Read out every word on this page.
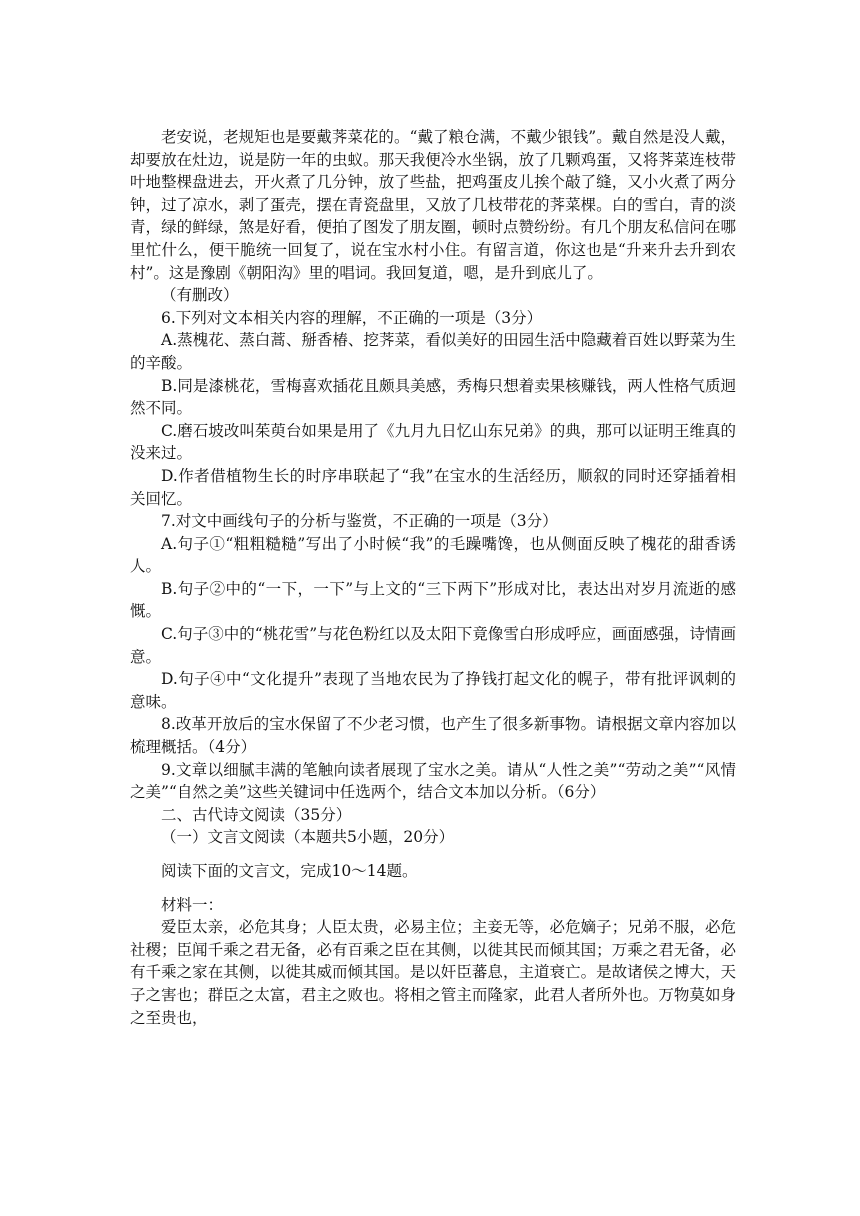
老安说，老规矩也是要戴荠菜花的。“戴了粮仓满，不戴少银钱”。戴自然是没人戴，却要放在灶边，说是防一年的虫蚁。那天我便冷水坐锅，放了几颗鸡蛋，又将荠菜连枝带叶地整棵盘进去，开火煮了几分钟，放了些盐，把鸡蛋皮儿挨个敲了缝，又小火煮了两分钟，过了凉水，剥了蛋壳，摆在青瓷盘里，又放了几枝带花的荠菜棵。白的雪白，青的淡青，绿的鲜绿，煞是好看，便拍了图发了朋友圈，顿时点赞纷纷。有几个朋友私信问在哪里忙什么，便干脆统一回复了，说在宝水村小住。有留言道，你这也是“升来升去升到农村”。这是豫剧《朝阳沟》里的唱词。我回复道，嗯，是升到底儿了。

（有删改）

6.下列对文本相关内容的理解，不正确的一项是（3分）

A.蒸槐花、蒸白蒿、掰香椿、挖荠菜，看似美好的田园生活中隐藏着百姓以野菜为生的辛酸。

B.同是漆桃花，雪梅喜欢插花且颇具美感，秀梅只想着卖果核赚钱，两人性格气质迥然不同。

C.磨石坡改叫茱萸台如果是用了《九月九日忆山东兄弟》的典，那可以证明王维真的没来过。

D.作者借植物生长的时序串联起了“我”在宝水的生活经历，顺叙的同时还穿插着相关回忆。

7.对文中画线句子的分析与鉴赏，不正确的一项是（3分）

A.句子①“粗粗糙糙”写出了小时候“我”的毛躁嘴馋，也从侧面反映了槐花的甜香诱人。

B.句子②中的“一下，一下”与上文的“三下两下”形成对比，表达出对岁月流逝的感慨。

C.句子③中的“桃花雪”与花色粉红以及太阳下竟像雪白形成呼应，画面感强，诗情画意。

D.句子④中“文化提升”表现了当地农民为了挣钱打起文化的幌子，带有批评讽刺的意味。

8.改革开放后的宝水保留了不少老习惯，也产生了很多新事物。请根据文章内容加以梳理概括。（4分）

9.文章以细腻丰满的笔触向读者展现了宝水之美。请从“人性之美”“劳动之美”“风情之美”“自然之美”这些关键词中任选两个，结合文本加以分析。（6分）

二、古代诗文阅读（35分）

（一）文言文阅读（本题共5小题，20分）

阅读下面的文言文，完成10～14题。

材料一：

爱臣太亲，必危其身；人臣太贵，必易主位；主妾无等，必危嫡子；兄弟不服，必危社稷；臣闻千乘之君无备，必有百乘之臣在其侧，以徙其民而倾其国；万乘之君无备，必有千乘之家在其侧，以徙其威而倾其国。是以奸臣蕃息，主道衰亡。是故诸侯之博大，天子之害也；群臣之太富，君主之败也。将相之管主而隆家，此君人者所外也。万物莫如身之至贵也，
